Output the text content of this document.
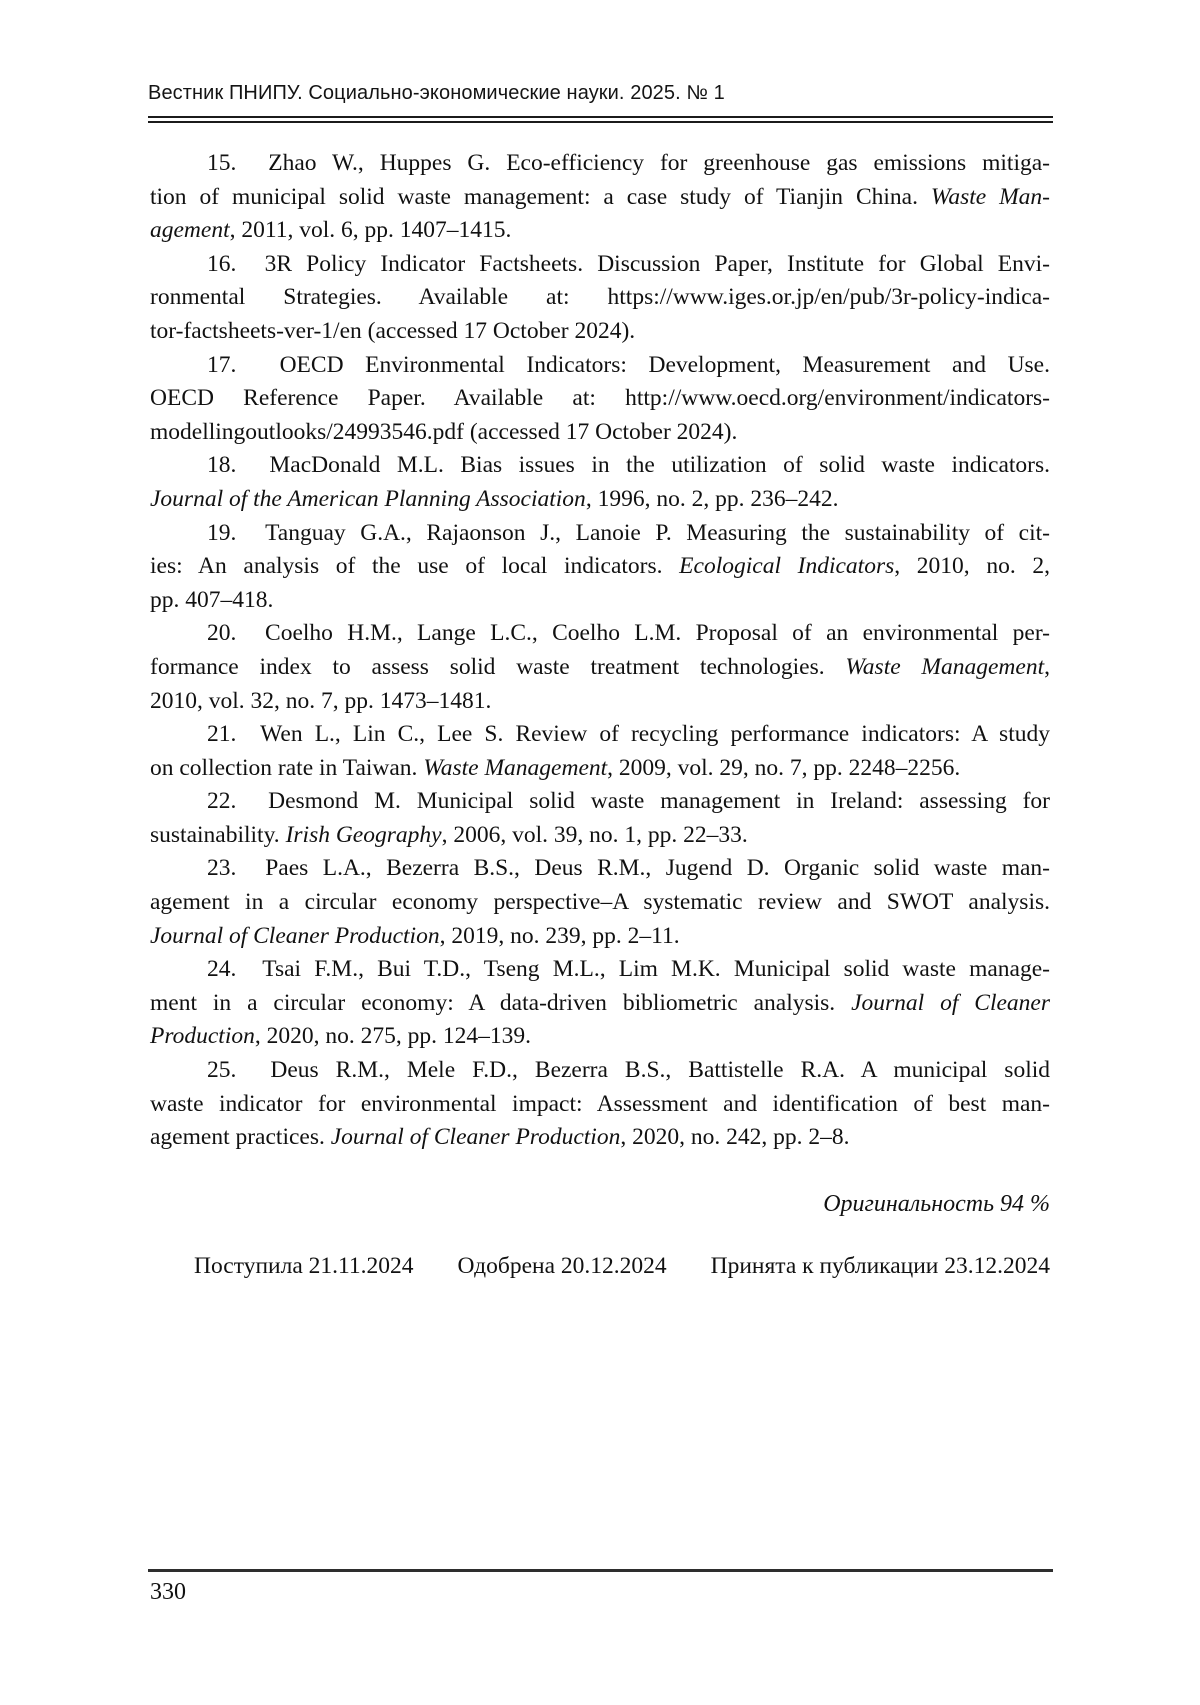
Вестник ПНИПУ. Социально-экономические науки. 2025. № 1
15.  Zhao W., Huppes G. Eco-efficiency for greenhouse gas emissions mitiga-
tion of municipal solid waste management: a case study of Tianjin China. Waste Man-
agement, 2011, vol. 6, pp. 1407–1415.
16.  3R Policy Indicator Factsheets. Discussion Paper, Institute for Global Envi-
ronmental Strategies. Available at: https://www.iges.or.jp/en/pub/3r-policy-indica-
tor-factsheets-ver-1/en (accessed 17 October 2024).
17.  OECD Environmental Indicators: Development, Measurement and Use.
OECD Reference Paper. Available at: http://www.oecd.org/environment/indicators-
modellingoutlooks/24993546.pdf (accessed 17 October 2024).
18.  MacDonald M.L. Bias issues in the utilization of solid waste indicators.
Journal of the American Planning Association, 1996, no. 2, pp. 236–242.
19.  Tanguay G.A., Rajaonson J., Lanoie P. Measuring the sustainability of cit-
ies: An analysis of the use of local indicators. Ecological Indicators, 2010, no. 2,
pp. 407–418.
20.  Coelho H.M., Lange L.C., Coelho L.M. Proposal of an environmental per-
formance index to assess solid waste treatment technologies. Waste Management,
2010, vol. 32, no. 7, pp. 1473–1481.
21.  Wen L., Lin C., Lee S. Review of recycling performance indicators: A study
on collection rate in Taiwan. Waste Management, 2009, vol. 29, no. 7, pp. 2248–2256.
22.  Desmond M. Municipal solid waste management in Ireland: assessing for
sustainability. Irish Geography, 2006, vol. 39, no. 1, pp. 22–33.
23.  Paes L.A., Bezerra B.S., Deus R.M., Jugend D. Organic solid waste man-
agement in a circular economy perspective–A systematic review and SWOT analysis.
Journal of Cleaner Production, 2019, no. 239, pp. 2–11.
24.  Tsai F.M., Bui T.D., Tseng M.L., Lim M.K. Municipal solid waste manage-
ment in a circular economy: A data-driven bibliometric analysis. Journal of Cleaner
Production, 2020, no. 275, pp. 124–139.
25.  Deus R.M., Mele F.D., Bezerra B.S., Battistelle R.A. A municipal solid
waste indicator for environmental impact: Assessment and identification of best man-
agement practices. Journal of Cleaner Production, 2020, no. 242, pp. 2–8.
Оригинальность 94 %
Поступила 21.11.2024 Одобрена 20.12.2024 Принята к публикации 23.12.2024
330
